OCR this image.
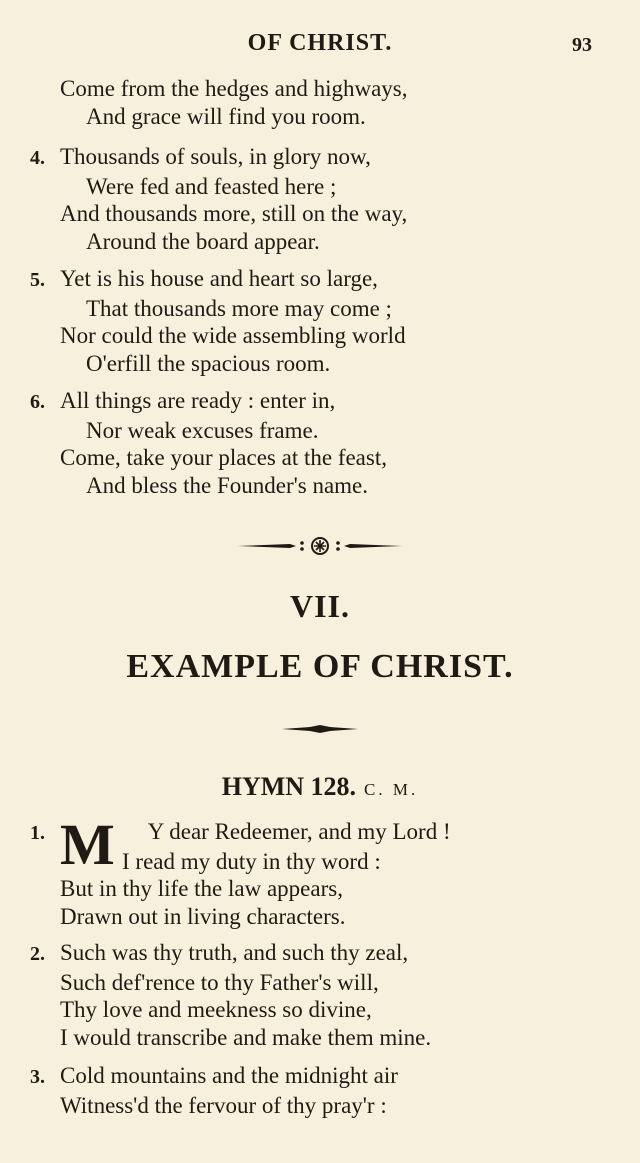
OF CHRIST.	93
Come from the hedges and highways,
And grace will find you room.
4. Thousands of souls, in glory now,
Were fed and feasted here ;
And thousands more, still on the way,
Around the board appear.
5. Yet is his house and heart so large,
That thousands more may come ;
Nor could the wide assembling world
O'erfill the spacious room.
6. All things are ready : enter in,
Nor weak excuses frame.
Come, take your places at the feast,
And bless the Founder's name.
VII.
EXAMPLE OF CHRIST.
HYMN 128. C. M.
1. M Y dear Redeemer, and my Lord !
I read my duty in thy word :
But in thy life the law appears,
Drawn out in living characters.
2. Such was thy truth, and such thy zeal,
Such def'rence to thy Father's will,
Thy love and meekness so divine,
I would transcribe and make them mine.
3. Cold mountains and the midnight air
Witness'd the fervour of thy pray'r :
